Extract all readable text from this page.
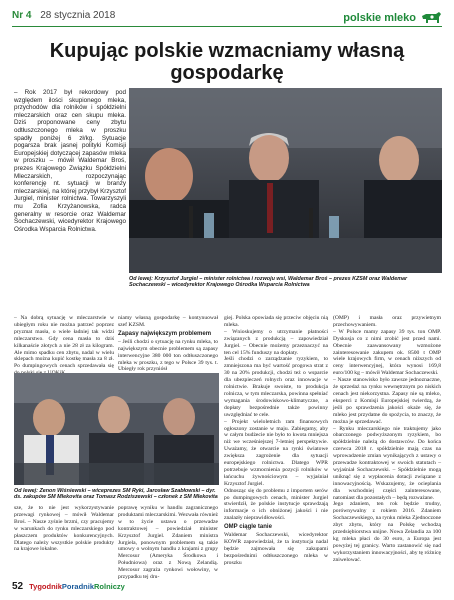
Nr 4 28 stycznia 2018	polskie mleko
Kupując polskie wzmacniamy własną gospodarkę
– Rok 2017 był rekordowy pod względem ilości skupionego mleka, przychodów dla rolników i spółdzielni mleczarskich oraz cen skupu mleka. Dziś proponowane ceny zbytu odtłuszczonego mleka w proszku spadły poniżej 6 zł/kg. Sytuacje pogarsza brak jasnej polityki Komisji Europejskiej dotyczącej zapasów mleka w proszku – mówił Waldemar Broś, prezes Krajowego Związku Spółdzielni Mleczarskich, rozpoczynając konferencję nt. sytuacji w branży mleczarskiej, na której przybył Krzysztof Jurgiel, minister rolnictwa. Towarzyszyli mu Zofia Krzyżanowska, radca generalny w resorcie oraz Waldemar Sochaczewski, wicedyrektor Krajowego Ośrodka Wsparcia Rolnictwa.
Od lewej: Krzysztof Jurgiel – minister rolnictwa i rozwoju wsi, Waldemar Broś – prezes KZSM oraz Waldemar Sochaczewski – wicedyrektor Krajowego Ośrodka Wsparcia Rolnictwa
– Na dobrą sytuację w mleczarstwie w ubiegłym roku nie można patrzeć poprzez pryzmat masła, o wiele ładniej tak widzi mleczarstwo. Gdy cena masła to dziś kilkanaście złotych a nie 28 zł za kilogram. Ale mimo spadku cen zbytu, nadal w wielu sklepach można kupić kostkę masła za 8 zł. Po dumpingowych cenach sprzedawała się

niamy własną gospodarkę – kontynuował szef KZSM.

Zapasy największym problemem

– Jeśli chodzi o sytuację na rynku mleka, to największym obecnie problemem są zapasy interwencyjne 380 000 ton odtłuszczonego mleka w proszku, z tego w Polsce 39 tys. t. Ubiegły rok przyniósł

Od lewej: Zenon Wiśniewski – wiceprezes SM Ryki, Jarosław Szabłowski – dyr. ds. zakupów SM Mlekovita oraz Tomasz Rodziszewski – członek z SM Mlekovita
sze, że to nie jest wykorzystywanie przewagi rynkowej – mówił Waldemar Broś. – Nasze zyśnie brzmi, czy pracujemy w warunkach do rynku mleczarskiego pod płaszczem produktów konkurencyjnych. Dlatego należy wszystkie polskie produkty na krajowe lokalne.
poprawę wyniku w handlu zagranicznego produktami mleczarskimi. Wezwała również w to życie ustawa o przewadze kontraktowej – powiedział minister Krzysztof Jurgiel. Zdaniem ministra Jurgiela, ponownym problemem są takie umowy o wolnym handlu z krajami z grupy Mercosur (Ameryka Środkowa i Południowa) oraz z Nową Zelandią. Mercosur zagraża rynkowi wołowiny, w przypadku tej dru-

giej. Polska opowiada się przeciw objęciu nią mleka.
– Wnioskujemy o utrzymanie płatności związanych z produkcją – zapowiedział Jurgiel. – Obecnie możemy przeznaczyć na ten cel 15% funduszy na dopłaty.
Jeśli chodzi o zarządzanie ryzykiem, to zmniejszona ma być wartość progowa strat z 30 na 20% produkcji, chodzi też o wsparcie dla ubezpieczeń rolnych oraz innowacje w rolnictwie. Brakuje swoiste, to produkcja rolnicza, w tym mleczarska, powinna spełniać wymagania środowiskowo-klimatyczne, a dopłaty bezpośrednie także powinny uwzględniać te cele.
– Projekt wieloletnich ram finansowych ogłoszony zostanie w maju. Zabiegamy, aby w całym budżecie nie było to kwota mniejsza niż we wcześniejszej 7-letniej perspektywie. Uważamy, że otwarcie na rynki światowe zwiększa zagrożenie dla sytuacji europejskiego rolnictwa. Dlatego WPR potrzebuje wzmocnienia pozycji rolników w łańcuchu żywnościowym – wyjaśniał Krzysztof Jurgiel.
Odnosząc się do problemu z importem serów po dumpingowych cenach, minister Jurgiel stwierdził, że polskie instytucje sprawdzają informacje o ich obniżonej jakości i nie znalazły nieprawidłowości.

OMP ciągle tanie

Waldemar Sochaczewski, wicedyrektor KOWR zapowiedział, że ta instytucja nadal będzie zajmowała się zakupami bezpośrednimi odtłuszczonego mleka w proszku

(OMP) i masła oraz przywietnym przechowywaniem.
– W Polsce mamy zapasy 39 tys. ton OMP. Dyskusja co z nimi zrobić jest przed nami. Obecnie zaawansowany wzmożone zainteresowanie zakupem ok. 8500 t OMP wiele krajowych firm, w cenach niższych od ceny interwencyjnej, która wynosi 169,8 euro/100 kg – mówił Waldemar Sochaczewski.
– Nasze stanowisko było zawsze jednoznaczne, że sprzedaż na rynku wewnętrznym po niskich cenach jest niekorzystna. Zapasy nie są mleko, eksperci z Komisji Europejskiej twierdzą, że jeśli po sprawdzenia jakości okaże się, że mleko jest przydatne do spożycia, to znaczy, że można je sprzedawać.
– Rynku mleczarskiego nie traktujemy jako obarczonego podwyższonym ryzykiem, bo spółdzielnie należą do dostawców. Do końca czerwca 2018 r. spółdzielnie mają czas na wprowadzenie zmian wynikających z ustawy o przewadze kontraktowej w swoich statutach – wyjaśniał Sochaczewski. – Spółdzielnie mogą uniknąć się z wypłacenia dotacji związane z innowacyjnością. Wskazujemy, że ocieplania dla wschodniej części zainteresowane, natomiast dla pozostałych – będą rozważane.
Jego zdaniem, ten rok będzie trudny, porównywalny z rokiem 2016. Zdaniem Sochaczewskiego, na rynku mleka Zjednoczone zbyt zbytu, który na Polskę wchodzą przedsiębiorstwa unijne. Nowa Zelandia za 100 kg mleka płaci do 30 euro, a Europa jest powyżej tej granicy. Warto zastanowić się nad wykorzystaniem innowacyjności, aby tę różnicę zniwelować.
52 TygodnikPoradnikRolniczy
